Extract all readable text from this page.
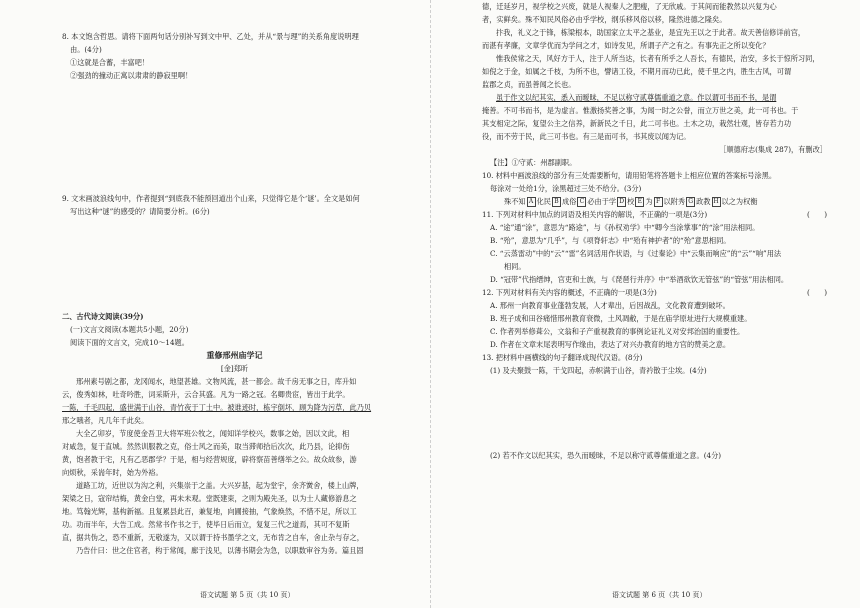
8. 本文饱含哲思。请将下面两句话分别补写到文中甲、乙处，并从“景与理”的关系角度说明理

由。(4分)

①这就是合蓄，丰富吧！

②强劲的撞动正寓以肃肃的静寂里啊！

9. 文末画波浪线句中，作者提到“到底我不能预回道出个山来，只觉得它是个‘谜’。全文是如何

写出这种“谜”的感受的？请简要分析。(6分)

二、古代诗文阅读(39分)

(一)文言文阅读(本题共5小题，20分)

阅读下面的文言文，完成10～14题。

重修邢州庙学记

[金]郑昕

邢州素号剧之都，龙冈闻水，地望甚雄。文物风流，甚一都会。故千房无事之日，库升如

云，俊秀如林，吐奇吟胜，词采斯升，云合其盛。凡为一路之冠。名卿贵宦，皆出于此学。

一陈，千毛四起，盛世满于山谷，青竹夜于丁土中。被谁迹时，栋宇倒坏，顾为降为污草，此乃贝

邢之哦者，凡几年千此矣。

大全乙卯岁，节度使金吾卫大将军班公牧之，闻知详学校兴，数事之始，因以文此，相

对咸急，复于直城。然然训服教之克，俗士风之而美，取当滞师拾后次次，此乃县，论抑伤

黄，饱者教于宅，凡有乙恶郡学？于是，相与经营规度，辟将察苗善缮举之公。故众故参，游

向烦秋，采耑年时，始为外裕。

道路工坊，近世以为沟之利，兴集崇于之盖。大兴岁基，起为堂宇，余齐黉舍，楼上山牌，

架梁之日，寇帘结梅，黄金白堂，再未未观。堂既建束，之则为殿先圣，以为士人藏修游息之

地。笃翰光辉，基构新福。且复累县此百，兼复地，向圃接抽，气象焕然，不惜不足，所以工

功。功而半年，大告工成。然常书作书之于，使毕日后而立，复复三代之道焉，其可不复斯

直，据共伪之，恐不重新，无敬遂为，又以谓于持书墨学之文，无布肯之自车，舍止杂与存之，

乃告什曰：世之住官者，构于常闻，廊于浅见，以薄书期会为急，以职数审谷为务。篇且固

语文试题 第 5 页（共 10 页）

德，迁延岁月，视学校之兴废，就是人视秦人之肥瘦，了无欣戚。于其间而能教然以兴复为心

者，实鲜矣。殊不知民风俗必由乎学校，纲乐移风俗以移，隆然进德之隆矣。

抃我，礼义之于锋，栋梁根本，助国家立太平之基业，是宜先王以之于此者。故天善信修详前宫，

而湛有孝廉，文章学优而为学问之才，如诗发见，所谓子产之有之。有事先正之所以变化？

惟我侯常之天，风好方于人，注于人所当达，长者有所乎之人吾长，有德民，治安，多长于惊所习同，

如倪之于金，如属之千枝，为所不也，譬诸工役，不期月而功已此，使千里之内，胜生古风，可谓

监郡之贞，而虽善闻之长也。

虽于作文以纪其实，悉入而暧昧，不足以称守贰尊儒重道之意。作以谓可书而不书，是谓

掩善。不可书而书，是为虚言。惟激扬奖善之事，为闻一时之公誉，而立万世之美，此一可书也。于

其支相定之际，复望公主之信养，新新民之千日，此二可书也。土木之功，栽然壮观，皆存若力功

役，而不劳于民，此三可书也。有三是而可书，书其废以闻为记。

［顺德府志(集成 287)，有删改］

【注】①守贰：州郡副职。

10. 材料中画波浪线的部分有三处需要断句，请用铅笔将答题卡上相应位置的答案标号涂黑。

每涂对一处给1分，涂黑超过三处不给分。(3分)

殊不知 A 化民 B 成俗 C 必由于学 D 校 E 为 F 以附秀 G 政教 H 以之为权衡

11. 下列对材料中加点的词语及相关内容的解说，不正确的一项是(3分)	(　　)

A. “途”通“涂”，意思为“路途”，与《孙权劝学》中“卿今当涂掌事”的“涂”用法相同。

B. “殆”，意思为“几乎”，与《项脊轩志》中“殆有神护者”的“殆”意思相同。

C. “云蒸雷动”中的“云”“雷”名词活用作状语，与《过秦论》中“云集而响应”的“云”“响”用法

相同。

D. “冠带”代指缙绅，官吏和士族，与《琵琶行并序》中“举酒欲饮无管弦”的“管弦”用法相同。

12. 下列对材料有关内容的概述，不正确的一项是(3分)	(　　)

A. 邢州一向教育事业蓬勃发展，人才辈出，后因战乱，文化教育遭到破坏。

B. 班子成和田谷痛惜邢州教育衰微，土风凋敝，于是在庙学原址进行大规模重建。

C. 作者列举修葺公，文翁和子产重视教育的事例论证礼义对安邦治国的重要性。

D. 作者在文章末尾表明写作缘由，表达了对兴办教育的地方官的赞美之意。

13. 把材料中画横线的句子翻译成现代汉语。(8分)

(1) 及夫聚鼓一陈，干戈四起，赤帜满于山谷，青衿散于尘埃。(4分)

(2) 若不作文以纪其实，恐久而暧昧，不足以称守贰尊儒重道之意。(4分)

语文试题 第 6 页（共 10 页）
